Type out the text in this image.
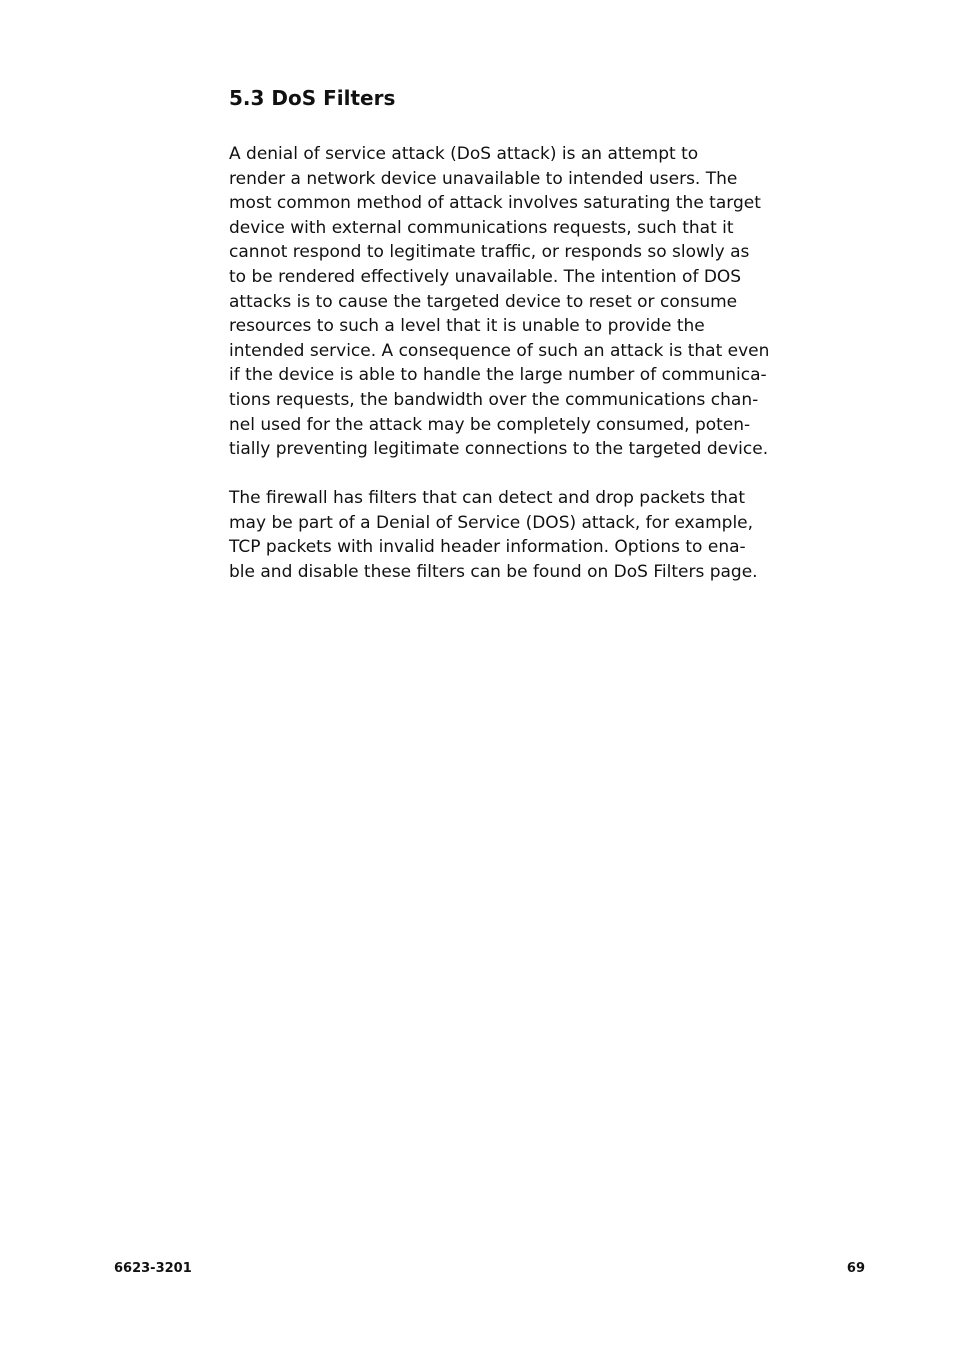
5.3 DoS Filters
A denial of service attack (DoS attack) is an attempt to
render a network device unavailable to intended users. The
most common method of attack involves saturating the target
device with external communications requests, such that it
cannot respond to legitimate traffic, or responds so slowly as
to be rendered effectively unavailable. The intention of DOS
attacks is to cause the targeted device to reset or consume
resources to such a level that it is unable to provide the
intended service. A consequence of such an attack is that even
if the device is able to handle the large number of communica-
tions requests, the bandwidth over the communications chan-
nel used for the attack may be completely consumed, poten-
tially preventing legitimate connections to the targeted device.
The firewall has filters that can detect and drop packets that
may be part of a Denial of Service (DOS) attack, for example,
TCP packets with invalid header information. Options to ena-
ble and disable these filters can be found on DoS Filters page.
6623-3201	69
